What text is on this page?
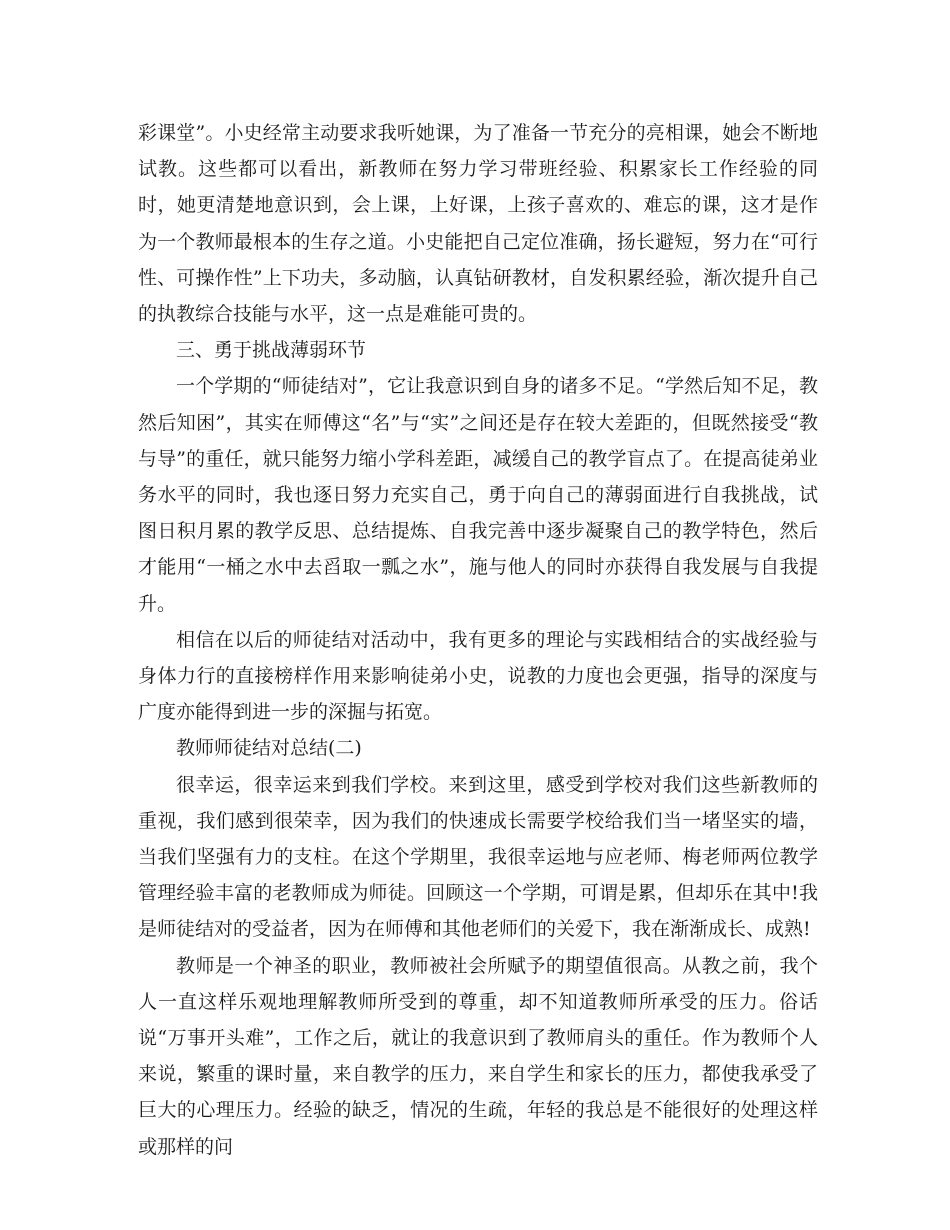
彩课堂”。小史经常主动要求我听她课，为了准备一节充分的亮相课，她会不断地试教。这些都可以看出，新教师在努力学习带班经验、积累家长工作经验的同时，她更清楚地意识到，会上课，上好课，上孩子喜欢的、难忘的课，这才是作为一个教师最根本的生存之道。小史能把自己定位准确，扬长避短，努力在“可行性、可操作性”上下功夫，多动脑，认真钻研教材，自发积累经验，渐次提升自己的执教综合技能与水平，这一点是难能可贵的。

三、勇于挑战薄弱环节

一个学期的“师徒结对”，它让我意识到自身的诸多不足。“学然后知不足，教然后知困”，其实在师傅这“名”与“实”之间还是存在较大差距的，但既然接受“教与导”的重任，就只能努力缩小学科差距，减缓自己的教学盲点了。在提高徒弟业务水平的同时，我也逐日努力充实自己，勇于向自己的薄弱面进行自我挑战，试图日积月累的教学反思、总结提炼、自我完善中逐步凝聚自己的教学特色，然后才能用“一桶之水中去舀取一瓢之水”，施与他人的同时亦获得自我发展与自我提升。

相信在以后的师徒结对活动中，我有更多的理论与实践相结合的实战经验与身体力行的直接榜样作用来影响徒弟小史，说教的力度也会更强，指导的深度与广度亦能得到进一步的深掘与拓宽。

教师师徒结对总结(二)

很幸运，很幸运来到我们学校。来到这里，感受到学校对我们这些新教师的重视，我们感到很荣幸，因为我们的快速成长需要学校给我们当一堵坚实的墙，当我们坚强有力的支柱。在这个学期里，我很幸运地与应老师、梅老师两位教学管理经验丰富的老教师成为师徒。回顾这一个学期，可谓是累，但却乐在其中!我是师徒结对的受益者，因为在师傅和其他老师们的关爱下，我在渐渐成长、成熟!

教师是一个神圣的职业，教师被社会所赋予的期望值很高。从教之前，我个人一直这样乐观地理解教师所受到的尊重，却不知道教师所承受的压力。俗话说“万事开头难”，工作之后，就让的我意识到了教师肩头的重任。作为教师个人来说，繁重的课时量，来自教学的压力，来自学生和家长的压力，都使我承受了巨大的心理压力。经验的缺乏，情况的生疏，年轻的我总是不能很好的处理这样或那样的问
